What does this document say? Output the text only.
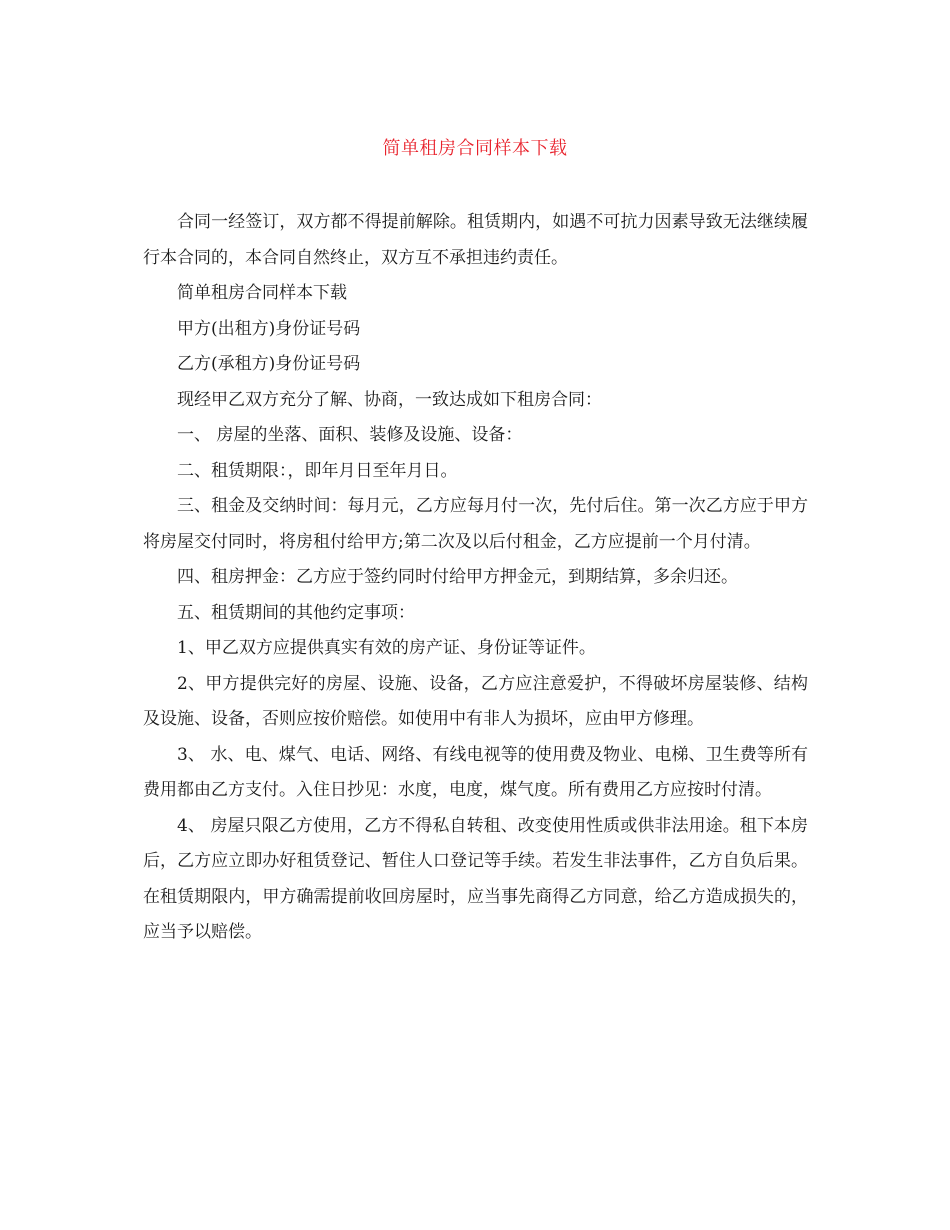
简单租房合同样本下载

合同一经签订，双方都不得提前解除。租赁期内，如遇不可抗力因素导致无法继续履行本合同的，本合同自然终止，双方互不承担违约责任。

简单租房合同样本下载

甲方(出租方)身份证号码

乙方(承租方)身份证号码

现经甲乙双方充分了解、协商，一致达成如下租房合同：

一、 房屋的坐落、面积、装修及设施、设备：

二、租赁期限：，即年月日至年月日。

三、租金及交纳时间：每月元，乙方应每月付一次，先付后住。第一次乙方应于甲方将房屋交付同时，将房租付给甲方;第二次及以后付租金，乙方应提前一个月付清。

四、租房押金：乙方应于签约同时付给甲方押金元，到期结算，多余归还。

五、租赁期间的其他约定事项：

1、甲乙双方应提供真实有效的房产证、身份证等证件。

2、甲方提供完好的房屋、设施、设备，乙方应注意爱护，不得破坏房屋装修、结构及设施、设备，否则应按价赔偿。如使用中有非人为损坏，应由甲方修理。

3、 水、电、煤气、电话、网络、有线电视等的使用费及物业、电梯、卫生费等所有费用都由乙方支付。入住日抄见：水度，电度，煤气度。所有费用乙方应按时付清。

4、 房屋只限乙方使用，乙方不得私自转租、改变使用性质或供非法用途。租下本房后，乙方应立即办好租赁登记、暂住人口登记等手续。若发生非法事件，乙方自负后果。在租赁期限内，甲方确需提前收回房屋时，应当事先商得乙方同意，给乙方造成损失的，应当予以赔偿。
